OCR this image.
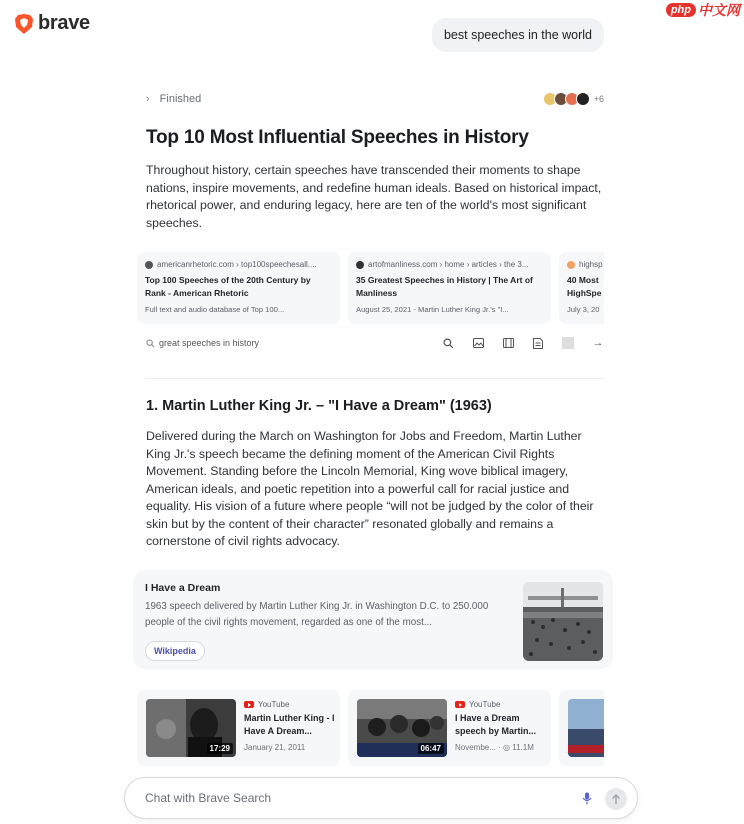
brave
php 中文网
best speeches in the world
› Finished	+6
Top 10 Most Influential Speeches in History

Throughout history, certain speeches have transcended their moments to shape nations, inspire movements, and redefine human ideals. Based on historical impact, rhetorical power, and enduring legacy, here are ten of the world's most significant speeches.

americanrhetoric.com › top100speechesall....
Top 100 Speeches of the 20th Century by Rank - American Rhetoric
Full text and audio database of Top 100...
artofmanliness.com › home › articles › the 3...
35 Greatest Speeches in History | The Art of Manliness
August 25, 2021 - Martin Luther King Jr.'s "I...
highsp
40 Most HighSpe
July 3, 20
great speeches in history	→
1. Martin Luther King Jr. – "I Have a Dream" (1963)

Delivered during the March on Washington for Jobs and Freedom, Martin Luther King Jr.'s speech became the defining moment of the American Civil Rights Movement. Standing before the Lincoln Memorial, King wove biblical imagery, American ideals, and poetic repetition into a powerful call for racial justice and equality. His vision of a future where people “will not be judged by the color of their skin but by the content of their character” resonated globally and remains a cornerstone of civil rights advocacy.

I Have a Dream
1963 speech delivered by Martin Luther King Jr. in Washington D.C. to 250.000 people of the civil rights movement, regarded as one of the most...
Wikipedia
17:29
YouTube
Martin Luther King - I Have A Dream...
January 21, 2011	06:47
YouTube
I Have a Dream speech by Martin...
Novembe... · ◎ 11.1M
Chat with Brave Search
